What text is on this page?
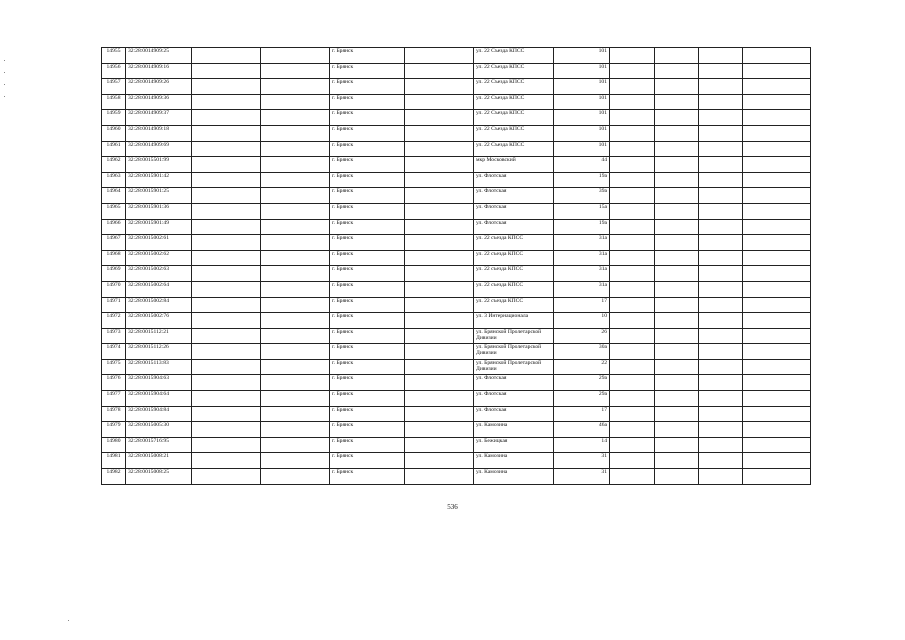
14955	32:28:0014909:25			г. Брянск		ул. 22 Съезда КПСС	101				
14956	32:28:0014909:16			г. Брянск		ул. 22 Съезда КПСС	101				
14957	32:28:0014909:26			г. Брянск		ул. 22 Съезда КПСС	101				
14958	32:28:0014909:36			г. Брянск		ул. 22 Съезда КПСС	101				
14959	32:28:0014909:37			г. Брянск		ул. 22 Съезда КПСС	101				
14960	32:28:0014909:18			г. Брянск		ул. 22 Съезда КПСС	101				
14961	32:28:0014909:69			г. Брянск		ул. 22 Съезда КПСС	101				
14962	32:28:0015501:99			г. Брянск		мкр Московский	44				
14963	32:28:0015901:42			г. Брянск		ул. Флотская	19а				
14964	32:28:0015901:25			г. Брянск		ул. Флотская	39а				
14965	32:28:0015901:36			г. Брянск		ул. Флотская	15а				
14966	32:28:0015901:49			г. Брянск		ул. Флотская	19а				
14967	32:28:0015002:61			г. Брянск		ул. 22 съезда КПСС	31а				
14968	32:28:0015002:62			г. Брянск		ул. 22 съезда КПСС	31а				
14969	32:28:0015002:63			г. Брянск		ул. 22 съезда КПСС	31а				
14970	32:28:0015002:64			г. Брянск		ул. 22 съезда КПСС	31а				
14971	32:28:0015002:84			г. Брянск		ул. 22 съезда КПСС	17				
14972	32:28:0015002:76			г. Брянск		ул. 3 Интернационала	10				
14973	32:28:0015112:21			г. Брянск		ул. Брянской Пролетарской Дивизии	26				
14974	32:28:0015112:26			г. Брянск		ул. Брянской Пролетарской Дивизии	30а				
14975	32:28:0015113:83			г. Брянск		ул. Брянской Пролетарской Дивизии	22				
14976	32:28:0015904:63			г. Брянск		ул. Флотская	29а				
14977	32:28:0015904:64			г. Брянск		ул. Флотская	29а				
14978	32:28:0015904:84			г. Брянск		ул. Флотская	17				
14979	32:28:0015005:30			г. Брянск		ул. Камозина	46а				
14980	32:28:0015716:95			г. Брянск		ул. Бежицкая	14				
14981	32:28:0015008:21			г. Брянск		ул. Камозина	31				
14982	32:28:0015008:25			г. Брянск		ул. Камозина	31				
536
